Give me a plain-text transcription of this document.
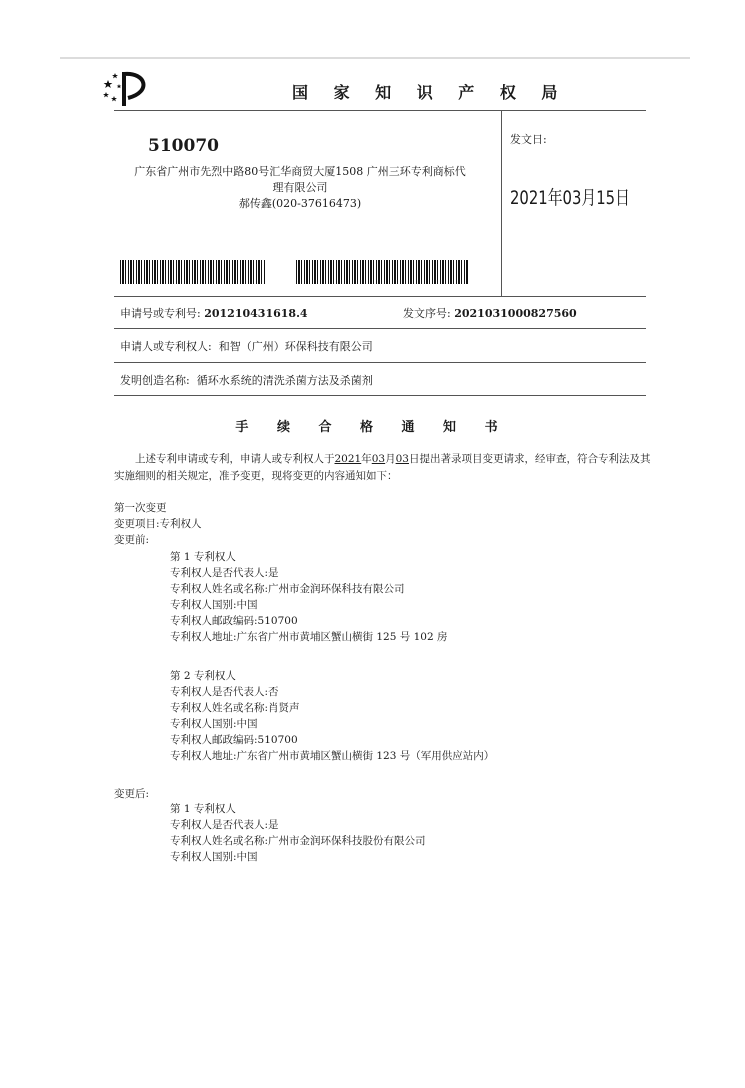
国 家 知 识 产 权 局
510070
广东省广州市先烈中路80号汇华商贸大厦1508 广州三环专利商标代
理有限公司
郝传鑫(020-37616473)
发文日:
2021年03月15日
申请号或专利号: 201210431618.4	发文序号: 2021031000827560
申请人或专利权人: 和智（广州）环保科技有限公司
发明创造名称: 循环水系统的清洗杀菌方法及杀菌剂
手 续 合 格 通 知 书
上述专利申请或专利，申请人或专利权人于2021年03月03日提出著录项目变更请求，经审查，符合专利法及其实施细则的相关规定，准予变更，现将变更的内容通知如下：
第一次变更
变更项目:专利权人
变更前:
第 1 专利权人
专利权人是否代表人:是
专利权人姓名或名称:广州市金润环保科技有限公司
专利权人国别:中国
专利权人邮政编码:510700
专利权人地址:广东省广州市黄埔区蟹山横街 125 号 102 房
第 2 专利权人
专利权人是否代表人:否
专利权人姓名或名称:肖贤声
专利权人国别:中国
专利权人邮政编码:510700
专利权人地址:广东省广州市黄埔区蟹山横街 123 号（军用供应站内）
变更后:
第 1 专利权人
专利权人是否代表人:是
专利权人姓名或名称:广州市金润环保科技股份有限公司
专利权人国别:中国
